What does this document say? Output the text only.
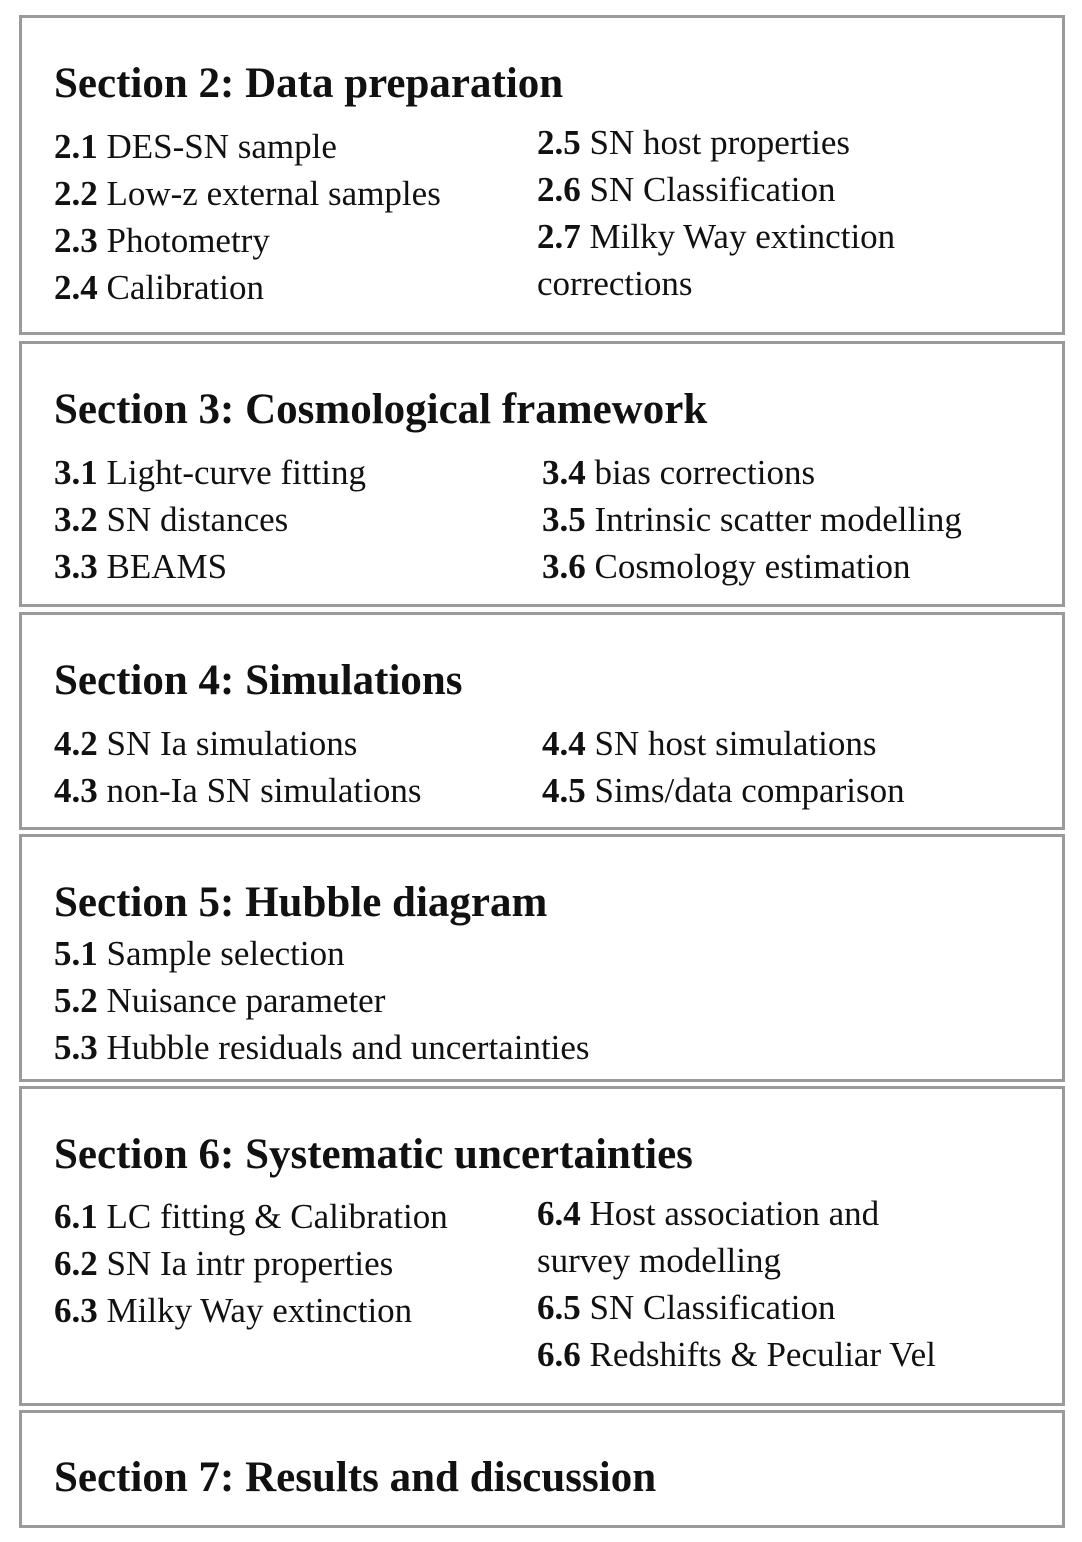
Section 2: Data preparation
2.1 DES-SN sample
2.2 Low-z external samples
2.3 Photometry
2.4 Calibration
2.5 SN host properties
2.6 SN Classification
2.7 Milky Way extinction
corrections
Section 3: Cosmological framework
3.1 Light-curve fitting
3.2 SN distances
3.3 BEAMS
3.4 bias corrections
3.5 Intrinsic scatter modelling
3.6 Cosmology estimation
Section 4: Simulations
4.2 SN Ia simulations
4.3 non-Ia SN simulations
4.4 SN host simulations
4.5 Sims/data comparison
Section 5: Hubble diagram
5.1 Sample selection
5.2 Nuisance parameter
5.3 Hubble residuals and uncertainties
Section 6: Systematic uncertainties
6.1 LC fitting & Calibration
6.2 SN Ia intr properties
6.3 Milky Way extinction
6.4 Host association and
survey modelling
6.5 SN Classification
6.6 Redshifts & Peculiar Vel
Section 7: Results and discussion
